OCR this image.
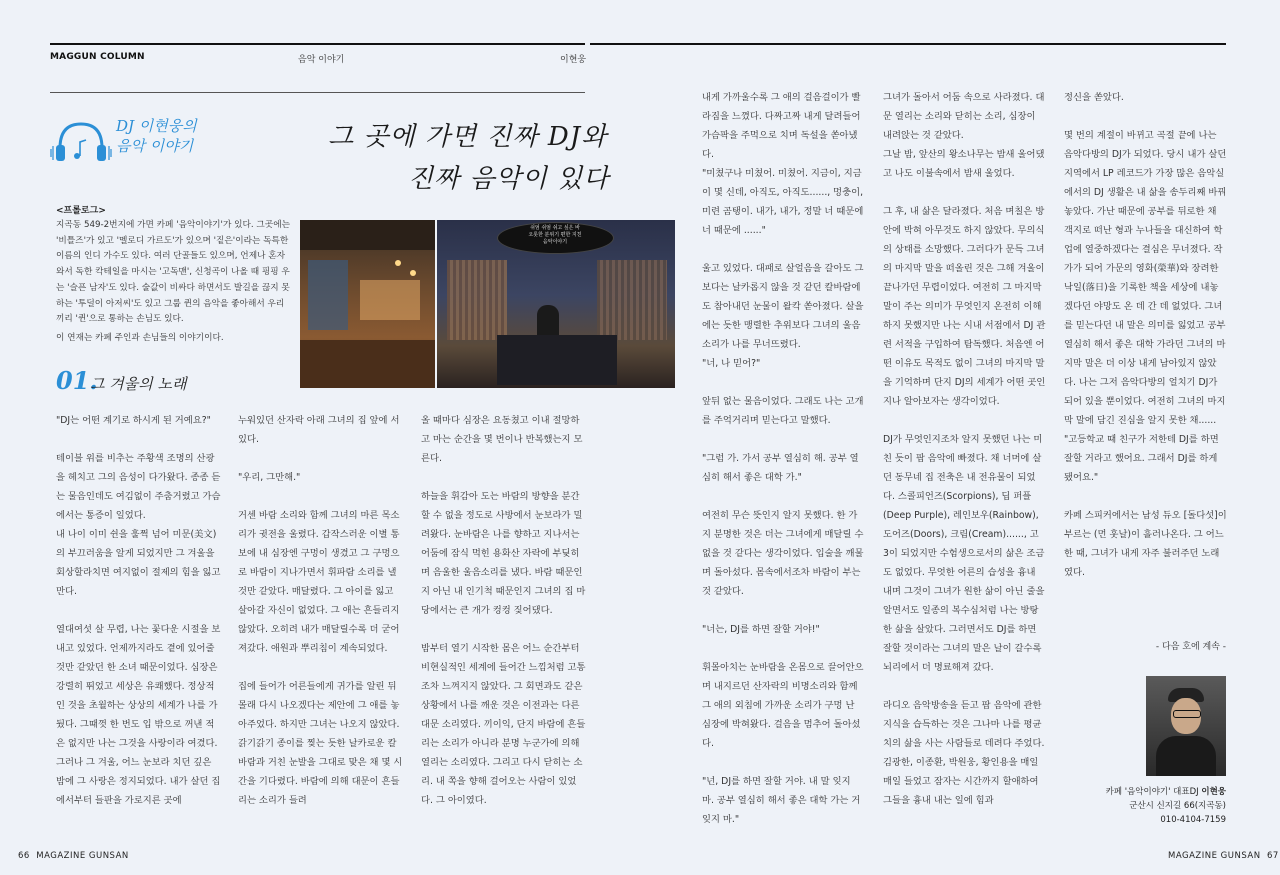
MAGGUN COLUMN	음악 이야기	이현웅
DJ 이현웅의
음악 이야기	그 곳에 가면 진짜 DJ와
진짜 음악이 있다
<프롤로그>
지곡동 549-2번지에 가면 카페 '음악이야기'가 있다. 그곳에는 '비틀즈'가 있고 '멜로디 가르도'가 있으며 '짙은'이라는 독특한 이름의 인디 가수도 있다. 여러 단골들도 있으며, 언제나 혼자 와서 독한 칵테일을 마시는 '고독맨', 신청곡이 나올 때 핑핑 우는 '슬픈 남자'도 있다. 술값이 비싸다 하면서도 발길을 끊지 못하는 '투덜이 아저씨'도 있고 그룹 퀸의 음악을 좋아해서 우리끼리 '퀸'으로 통하는 손님도 있다.
이 연재는 카페 주인과 손님들의 이야기이다.
쉬엄 쉬엄 쉬고 싶은 바
오롯한 분위기 편한 지친
음악이야기
01.
그 겨울의 노래

"DJ는 어떤 계기로 하시게 된 거예요?"

테이블 위를 비추는 주황색 조명의 산광을 헤치고 그의 음성이 다가왔다. 종종 듣는 물음인데도 여김없이 주춤거렸고 가슴에서는 통증이 일었다.

내 나이 이미 쉰을 훌쩍 넘어 미문(美文)의 부끄러움을 알게 되었지만 그 겨울을 회상할라치면 여지없이 절제의 힘을 잃고 만다.

열대여섯 살 무렵, 나는 꽃다운 시절을 보내고 있었다. 언제까지라도 곁에 있어줄 것만 같았던 한 소녀 때문이었다. 심장은 강렬히 뛰었고 세상은 유쾌했다. 정상적인 것을 초월하는 상상의 세계가 나를 가뒀다. 그때껏 한 번도 입 밖으로 꺼낸 적은 없지만 나는 그것을 사랑이라 여겼다.

그러나 그 겨울, 어느 눈보라 치던 깊은 밤에 그 사랑은 정지되었다. 내가 살던 집에서부터 들판을 가로지른 곳에

누워있던 산자락 아래 그녀의 집 앞에 서있다.

"우리, 그만해."

거센 바람 소리와 함께 그녀의 마른 목소리가 귓전을 울렸다. 갑작스러운 이별 통보에 내 심장엔 구멍이 생겼고 그 구멍으로 바람이 지나가면서 휘파람 소리를 낼 것만 같았다. 매달렸다. 그 아이를 잃고 살아갈 자신이 없었다. 그 애는 흔들리지 않았다. 오히려 내가 매달릴수록 더 굳어져갔다. 애원과 뿌리침이 계속되었다.

집에 들어가 어른들에게 귀가를 알린 뒤 몰래 다시 나오겠다는 제안에 그 애를 놓아주었다. 하지만 그녀는 나오지 않았다. 갉기갉기 종이를 찢는 듯한 날카로운 칼바람과 거친 눈발을 그대로 맞은 채 몇 시간을 기다렸다. 바람에 의해 대문이 흔들리는 소리가 들려

올 때마다 심장은 요동쳤고 이내 절망하고 마는 순간을 몇 번이나 반복했는지 모른다.

하늘을 휘감아 도는 바람의 방향을 분간할 수 없을 정도로 사방에서 눈보라가 밀려왔다. 눈바람은 나를 향하고 지나서는 어둠에 잠식 먹힌 용화산 자락에 부딪히며 음울한 울음소리를 냈다. 바람 때문인지 아닌 내 인기척 때문인지 그녀의 집 마당에서는 큰 개가 컹컹 짖어댔다.

밤부터 열기 시작한 몸은 어느 순간부터 비현실적인 세계에 들어간 느낌처럼 고통조차 느껴지지 않았다. 그 회면과도 같은 상황에서 나를 깨운 것은 이전과는 다른 대문 소리였다. 끼이익, 단지 바람에 흔들리는 소리가 아니라 분명 누군가에 의해 열리는 소리였다. 그리고 다시 닫히는 소리. 내 쪽을 향해 걸어오는 사람이 있었다. 그 아이였다.

내게 가까울수록 그 애의 걸음걸이가 빨라짐을 느꼈다. 다짜고짜 내게 달려들어 가슴팍을 주먹으로 치며 독설을 쏟아냈다.

"미쳤구나 미쳤어. 미쳤어. 지금이, 지금이 몇 신데, 아직도, 아직도......, 멍충이, 미련 곰탱이. 내가, 내가, 정말 너 때문에 너 때문에 ......"

울고 있었다. 대패로 살얼음을 갈아도 그보다는 날카롭지 않을 것 같던 칼바람에도 참아내던 눈물이 왈칵 쏟아졌다. 살을 에는 듯한 맹렬한 추위보다 그녀의 울음소리가 나를 무너뜨렸다.

"너, 나 믿어?"

앞뒤 없는 물음이었다. 그래도 나는 고개를 주억거리며 믿는다고 말했다.

"그럼 가. 가서 공부 열심히 해. 공부 열심히 해서 좋은 대학 가."

여전히 무슨 뜻인지 알지 못했다. 한 가지 분명한 것은 더는 그녀에게 매달릴 수 없을 것 같다는 생각이었다. 입술을 깨물며 돌아섰다. 몸속에서조차 바람이 부는 것 같았다.

"너는, DJ를 하면 잘할 거야!"

휘몰아치는 눈바람을 온몸으로 끌어안으며 내지르던 산자락의 비명소리와 함께 그 애의 외침에 가까운 소리가 구멍 난 심장에 박혀왔다. 걸음을 멈추어 돌아섰다.

"넌, DJ를 하면 잘할 거야. 내 말 잊지 마. 공부 열심히 해서 좋은 대학 가는 거 잊지 마."

그녀가 돌아서 어둠 속으로 사라졌다. 대문 열리는 소리와 닫히는 소리, 심장이 내려앉는 것 같았다.

그날 밤, 앞산의 왕소나무는 밤새 울어댔고 나도 이불속에서 밤새 울었다.

그 후, 내 삶은 달라졌다. 처음 며칠은 방안에 박혀 아무것도 하지 않았다. 무의식의 상태를 소망했다. 그러다가 문득 그녀의 마지막 말을 떠올린 것은 그해 겨울이 끝나가던 무렵이었다. 여전히 그 마지막 말이 주는 의미가 무엇인지 온전히 이해하지 못했지만 나는 시내 서점에서 DJ 관련 서적을 구입하여 탐독했다. 처음엔 어떤 이유도 목적도 없이 그녀의 마지막 말을 기억하며 단지 DJ의 세계가 어떤 곳인지나 알아보자는 생각이었다.

DJ가 무엇인지조차 알지 못했던 나는 미친 듯이 팝 음악에 빠졌다. 채 너머에 살던 동무네 집 전축은 내 전유물이 되었다. 스콜피언즈(Scorpions), 딥 퍼플(Deep Purple), 레인보우(Rainbow), 도어즈(Doors), 크림(Cream)......, 고 3이 되었지만 수험생으로서의 삶은 조금도 없었다. 무엇한 어른의 습성을 흉내 내며 그것이 그녀가 원한 삶이 아닌 줄을 알면서도 일종의 복수심처럼 나는 방탕한 삶을 살았다. 그러면서도 DJ를 하면 잘할 것이라는 그녀의 말은 날이 갈수록 뇌리에서 더 명료해져 갔다.

라디오 음악방송을 듣고 팝 음악에 관한 지식을 습득하는 것은 그나마 나를 평균치의 삶을 사는 사람들로 데려다 주었다. 김광한, 이종환, 박원웅, 황인용을 매일매일 들었고 잠자는 시간까지 할애하여 그들을 흉내 내는 일에 힘과

정신을 쏟았다.

몇 번의 계절이 바뀌고 곡절 끝에 나는 음악다방의 DJ가 되었다. 당시 내가 살던 지역에서 LP 레코드가 가장 많은 음악실에서의 DJ 생활은 내 삶을 송두리째 바꿔 놓았다. 가난 때문에 공부를 뒤로한 채 객지로 떠난 형과 누나들을 대신하여 학업에 열중하겠다는 결심은 무너졌다. 작가가 되어 가문의 영화(榮華)와 장려한 낙일(落日)을 기록한 책을 세상에 내놓겠다던 야망도 온 데 간 데 없었다. 그녀를 믿는다던 내 말은 의미를 잃었고 공부 열심히 해서 좋은 대학 가라던 그녀의 마지막 말은 더 이상 내게 남아있지 않았다. 나는 그저 음악다방의 얼치기 DJ가 되어 있을 뿐이었다. 여전히 그녀의 마지막 말에 담긴 진심을 알지 못한 채......

"고등학교 때 친구가 저한테 DJ를 하면 잘할 거라고 했어요. 그래서 DJ를 하게 됐어요."

카페 스피커에서는 남성 듀오 [돌다섯]이 부르는 (먼 훗날)이 흘러나온다. 그 어느 한 때, 그녀가 내게 자주 불러주던 노래였다.

- 다음 호에 계속 -
카페 '음악이야기' 대표DJ 이현웅
군산시 신지길 66(지곡동)
010-4104-7159
66 MAGAZINE GUNSAN	MAGAZINE GUNSAN 67
